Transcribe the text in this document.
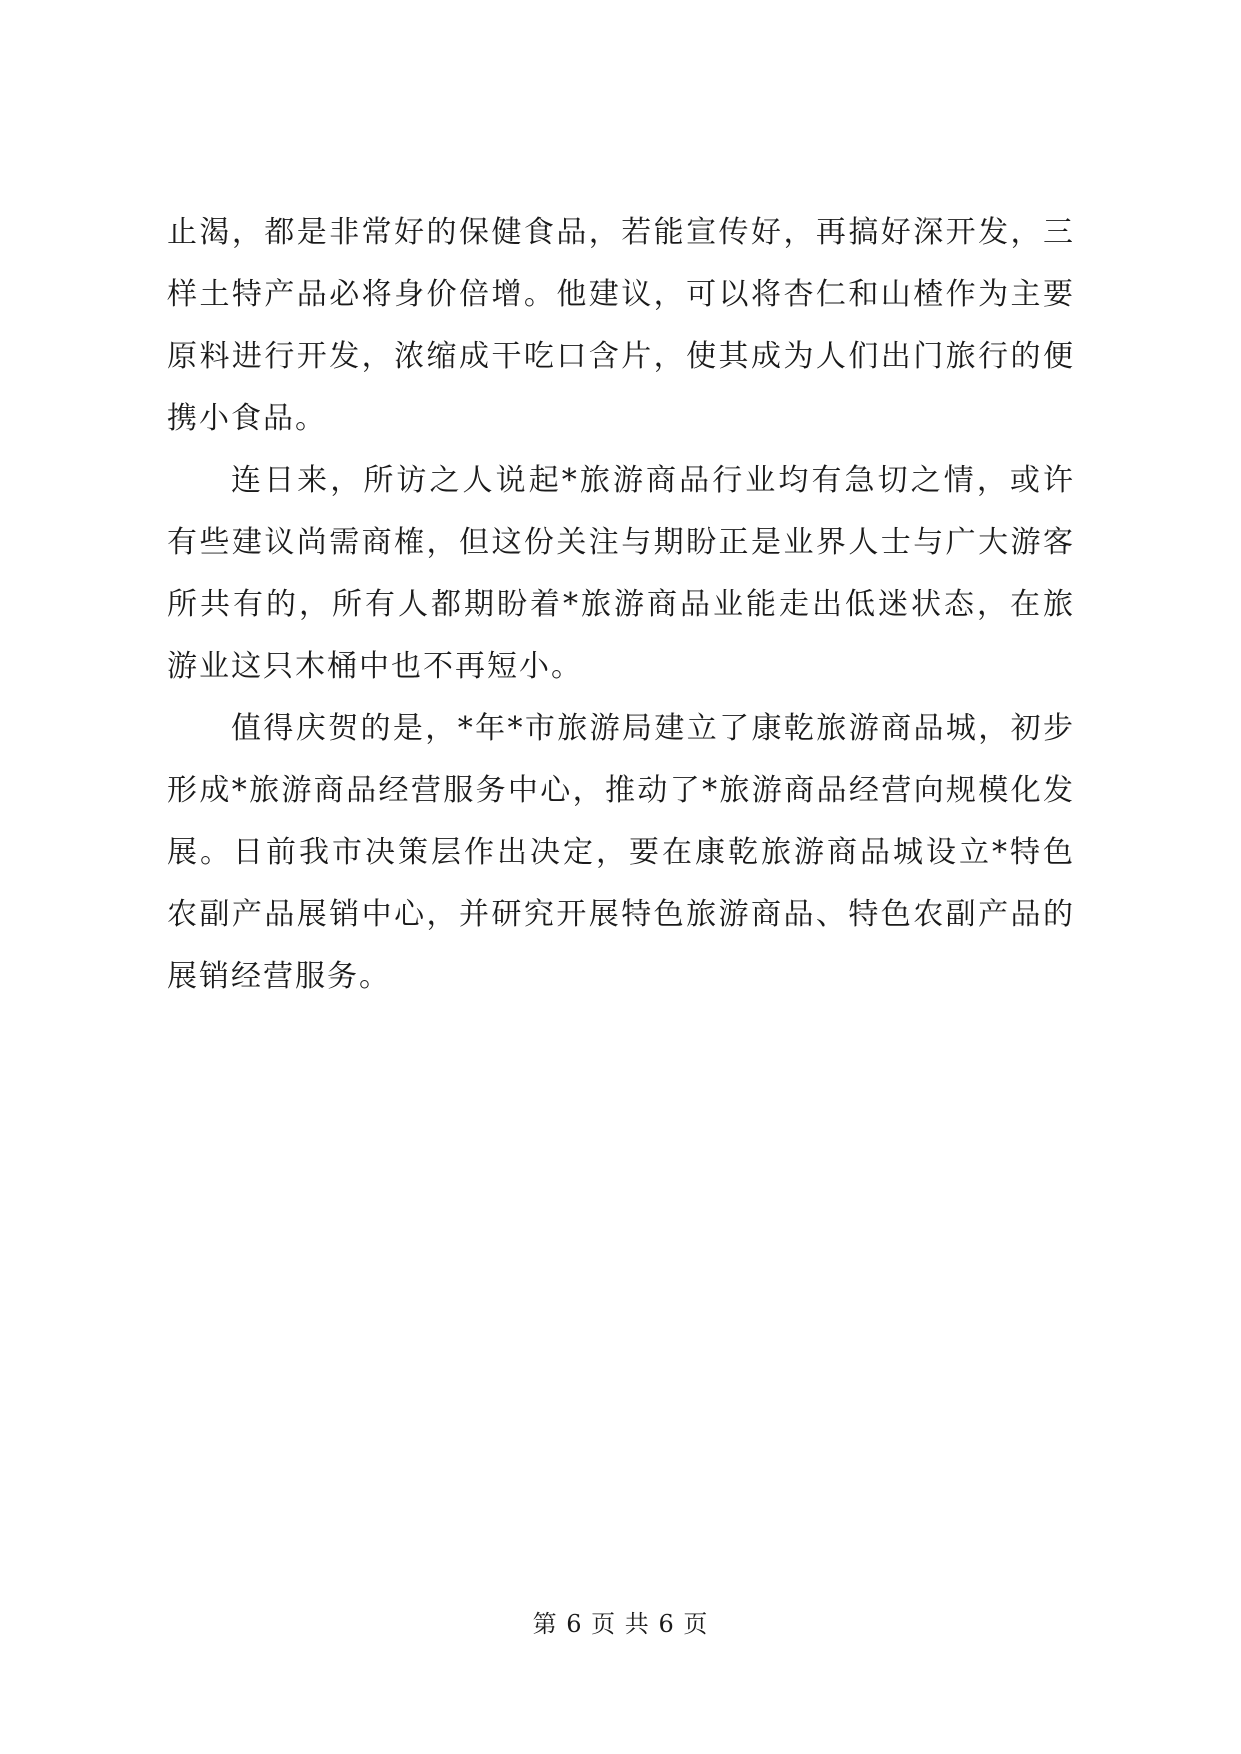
止渴，都是非常好的保健食品，若能宣传好，再搞好深开发，三样土特产品必将身价倍增。他建议，可以将杏仁和山楂作为主要原料进行开发，浓缩成干吃口含片，使其成为人们出门旅行的便携小食品。

连日来，所访之人说起*旅游商品行业均有急切之情，或许有些建议尚需商榷，但这份关注与期盼正是业界人士与广大游客所共有的，所有人都期盼着*旅游商品业能走出低迷状态，在旅游业这只木桶中也不再短小。

值得庆贺的是，*年*市旅游局建立了康乾旅游商品城，初步形成*旅游商品经营服务中心，推动了*旅游商品经营向规模化发展。日前我市决策层作出决定，要在康乾旅游商品城设立*特色农副产品展销中心，并研究开展特色旅游商品、特色农副产品的展销经营服务。

第 6 页 共 6 页
